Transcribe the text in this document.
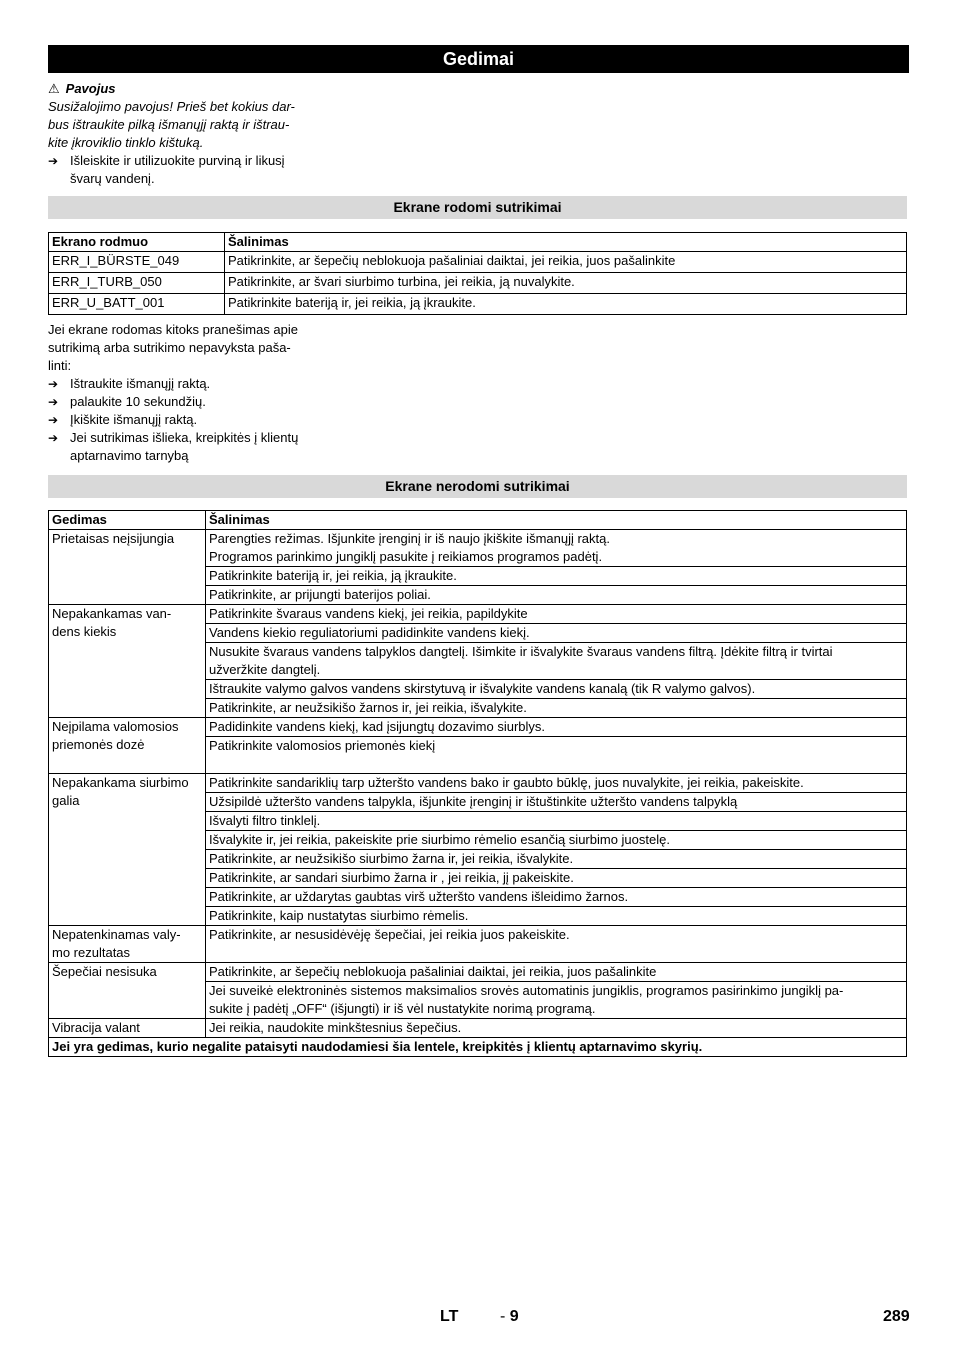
Gedimai
⚠ Pavojus
Susižalojimo pavojus! Prieš bet kokius dar-
bus ištraukite pilką išmanųjį raktą ir ištrau-
kite įkroviklio tinklo kištuką.
➔ Išleiskite ir utilizuokite purviną ir likusį
švarų vandenį.
Ekrane rodomi sutrikimai
Ekrano rodmuo	Šalinimas
ERR_I_BÜRSTE_049	Patikrinkite, ar šepečių neblokuoja pašaliniai daiktai, jei reikia, juos pašalinkite
ERR_I_TURB_050	Patikrinkite, ar švari siurbimo turbina, jei reikia, ją nuvalykite.
ERR_U_BATT_001	Patikrinkite bateriją ir, jei reikia, ją įkraukite.
Jei ekrane rodomas kitoks pranešimas apie
sutrikimą arba sutrikimo nepavyksta paša-
linti:
➔ Ištraukite išmanųjį raktą.
➔ palaukite 10 sekundžių.
➔ Įkiškite išmanųjį raktą.
➔ Jei sutrikimas išlieka, kreipkitės į klientų
aptarnavimo tarnybą
Ekrane nerodomi sutrikimai
Gedimas	Šalinimas

Prietaisas neįsijungia	Parengties režimas. Išjunkite įrenginį ir iš naujo įkiškite išmanųjį raktą.
Programos parinkimo jungiklį pasukite į reikiamos programos padėtį.

	Patikrinkite bateriją ir, jei reikia, ją įkraukite.

	Patikrinkite, ar prijungti baterijos poliai.

Nepakankamas van-
dens kiekis	Patikrinkite švaraus vandens kiekį, jei reikia, papildykite

	Vandens kiekio reguliatoriumi padidinkite vandens kiekį.

	Nusukite švaraus vandens talpyklos dangtelį. Išimkite ir išvalykite švaraus vandens filtrą. Įdėkite filtrą ir tvirtai
užveržkite dangtelį.

	Ištraukite valymo galvos vandens skirstytuvą ir išvalykite vandens kanalą (tik R valymo galvos).

	Patikrinkite, ar neužsikišo žarnos ir, jei reikia, išvalykite.

Neįpilama valomosios
priemonės dozė	Padidinkite vandens kiekį, kad įsijungtų dozavimo siurblys.

	Patikrinkite valomosios priemonės kiekį

Nepakankama siurbimo
galia	Patikrinkite sandariklių tarp užteršto vandens bako ir gaubto būklę, juos nuvalykite, jei reikia, pakeiskite.

	Užsipildė užteršto vandens talpykla, išjunkite įrenginį ir ištuštinkite užteršto vandens talpyklą

	Išvalyti filtro tinklelį.

	Išvalykite ir, jei reikia, pakeiskite prie siurbimo rėmelio esančią siurbimo juostelę.

	Patikrinkite, ar neužsikišo siurbimo žarna ir, jei reikia, išvalykite.

	Patikrinkite, ar sandari siurbimo žarna ir , jei reikia, jį pakeiskite.

	Patikrinkite, ar uždarytas gaubtas virš užteršto vandens išleidimo žarnos.

	Patikrinkite, kaip nustatytas siurbimo rėmelis.

Nepatenkinamas valy-
mo rezultatas	Patikrinkite, ar nesusidėvėję šepečiai, jei reikia juos pakeiskite.

Šepečiai nesisuka	Patikrinkite, ar šepečių neblokuoja pašaliniai daiktai, jei reikia, juos pašalinkite

	Jei suveikė elektroninės sistemos maksimalios srovės automatinis jungiklis, programos pasirinkimo jungiklį pa-
sukite į padėtį „OFF“ (išjungti) ir iš vėl nustatykite norimą programą.

Vibracija valant	Jei reikia, naudokite minkštesnius šepečius.

Jei yra gedimas, kurio negalite pataisyti naudodamiesi šia lentele, kreipkitės į klientų aptarnavimo skyrių.	
LT	- 9	289
